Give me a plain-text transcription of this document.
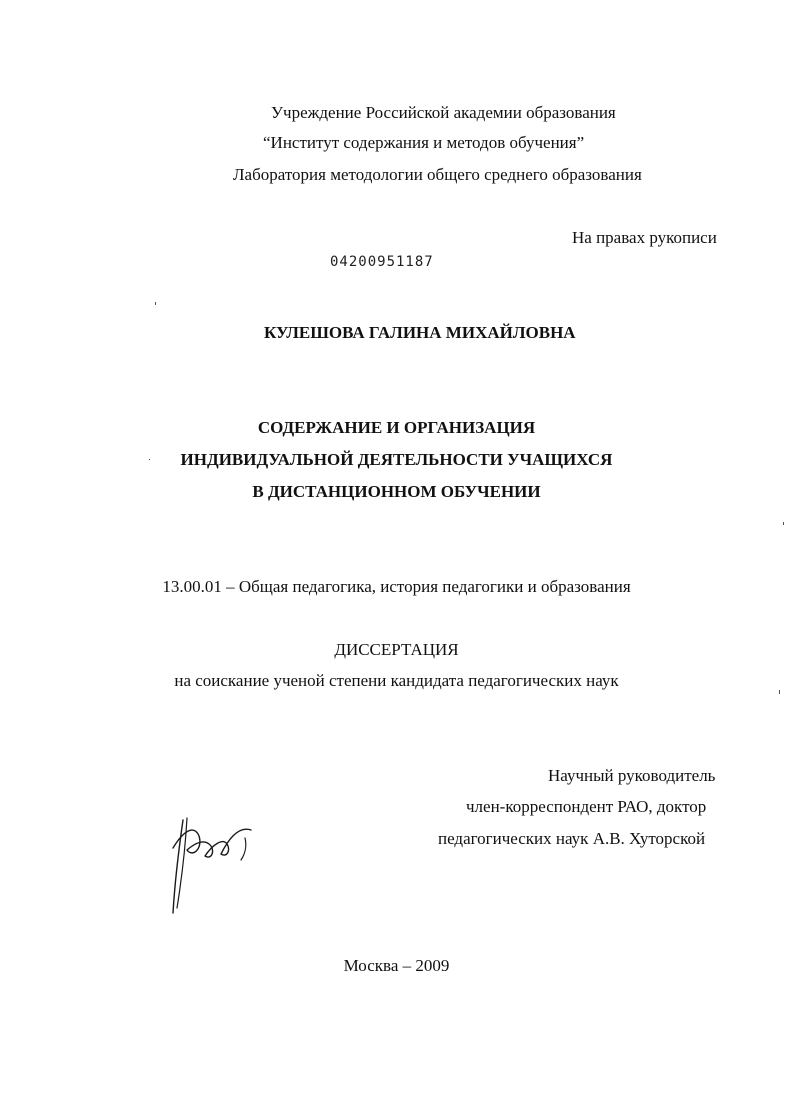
Учреждение Российской академии образования
“Институт содержания и методов обучения”
Лаборатория методологии общего среднего образования
На правах рукописи
04200951187
КУЛЕШОВА ГАЛИНА МИХАЙЛОВНА
СОДЕРЖАНИЕ И ОРГАНИЗАЦИЯ
ИНДИВИДУАЛЬНОЙ ДЕЯТЕЛЬНОСТИ УЧАЩИХСЯ
В ДИСТАНЦИОННОМ ОБУЧЕНИИ
13.00.01 – Общая педагогика, история педагогики и образования
ДИССЕРТАЦИЯ
на соискание ученой степени кандидата педагогических наук
Научный руководитель
член-корреспондент РАО, доктор
педагогических наук А.В. Хуторской
Москва – 2009
